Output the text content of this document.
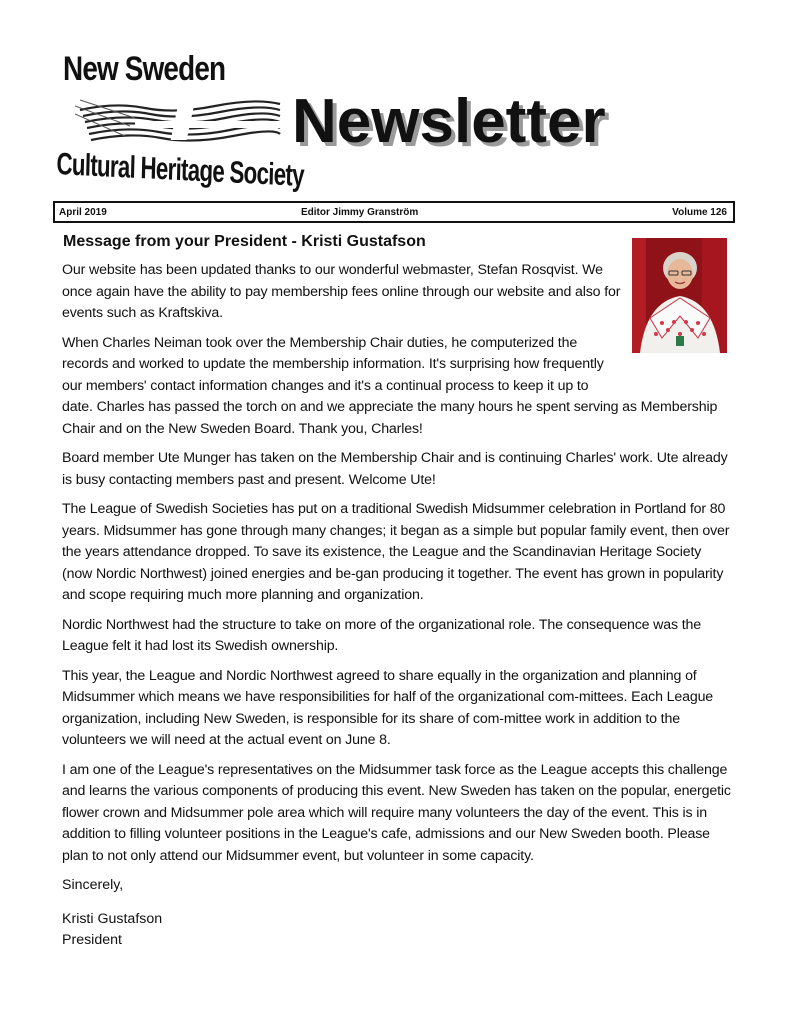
New Sweden
Cultural Heritage Society
Newsletter
April 2019	Editor Jimmy Granström	Volume 126
Message from your President - Kristi Gustafson

Our website has been updated thanks to our wonderful webmaster, Stefan Rosqvist. We once again have the ability to pay membership fees online through our website and also for events such as Kraftskiva.

When Charles Neiman took over the Membership Chair duties, he computerized the records and worked to update the membership information. It's surprising how frequently our members' contact information changes and it's a continual process to keep it up to date. Charles has passed the torch on and we appreciate the many hours he spent serving as Membership Chair and on the New Sweden Board. Thank you, Charles!

Board member Ute Munger has taken on the Membership Chair and is continuing Charles' work. Ute already is busy contacting members past and present. Welcome Ute!

The League of Swedish Societies has put on a traditional Swedish Midsummer celebration in Portland for 80 years. Midsummer has gone through many changes; it began as a simple but popular family event, then over the years attendance dropped. To save its existence, the League and the Scandinavian Heritage Society (now Nordic Northwest) joined energies and be-gan producing it together. The event has grown in popularity and scope requiring much more planning and organization.

Nordic Northwest had the structure to take on more of the organizational role. The consequence was the League felt it had lost its Swedish ownership.

This year, the League and Nordic Northwest agreed to share equally in the organization and planning of Midsummer which means we have responsibilities for half of the organizational com-mittees. Each League organization, including New Sweden, is responsible for its share of com-mittee work in addition to the volunteers we will need at the actual event on June 8.

I am one of the League's representatives on the Midsummer task force as the League accepts this challenge and learns the various components of producing this event. New Sweden has taken on the popular, energetic flower crown and Midsummer pole area which will require many volunteers the day of the event. This is in addition to filling volunteer positions in the League's cafe, admissions and our New Sweden booth. Please plan to not only attend our Midsummer event, but volunteer in some capacity.

Sincerely,

Kristi Gustafson

President
